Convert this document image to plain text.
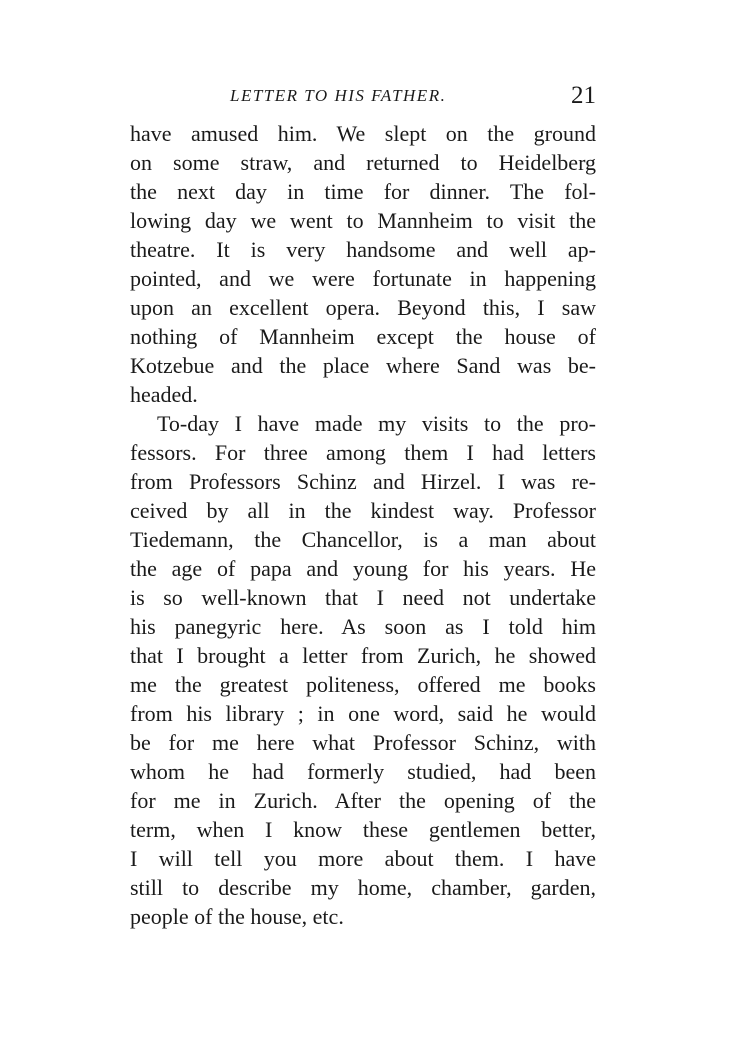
LETTER TO HIS FATHER.	21
have amused him. We slept on the ground
on some straw, and returned to Heidelberg
the next day in time for dinner. The fol-
lowing day we went to Mannheim to visit the
theatre. It is very handsome and well ap-
pointed, and we were fortunate in happening
upon an excellent opera. Beyond this, I saw
nothing of Mannheim except the house of
Kotzebue and the place where Sand was be-
headed.
To-day I have made my visits to the pro-
fessors. For three among them I had letters
from Professors Schinz and Hirzel. I was re-
ceived by all in the kindest way. Professor
Tiedemann, the Chancellor, is a man about
the age of papa and young for his years. He
is so well-known that I need not undertake
his panegyric here. As soon as I told him
that I brought a letter from Zurich, he showed
me the greatest politeness, offered me books
from his library ; in one word, said he would
be for me here what Professor Schinz, with
whom he had formerly studied, had been
for me in Zurich. After the opening of the
term, when I know these gentlemen better,
I will tell you more about them. I have
still to describe my home, chamber, garden,
people of the house, etc.
